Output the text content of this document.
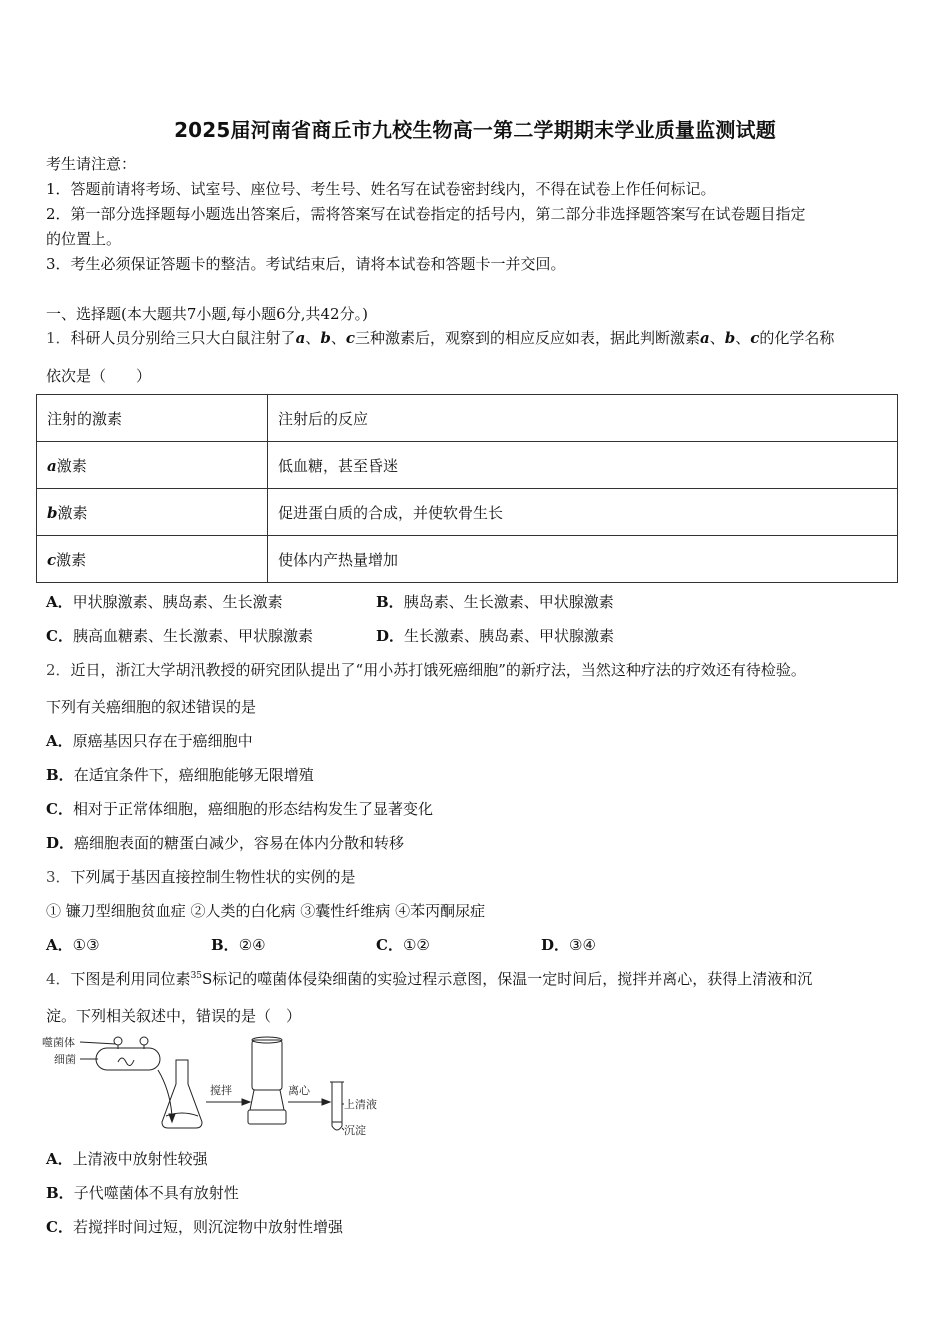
2025届河南省商丘市九校生物高一第二学期期末学业质量监测试题
考生请注意：
1．答题前请将考场、试室号、座位号、考生号、姓名写在试卷密封线内，不得在试卷上作任何标记。
2．第一部分选择题每小题选出答案后，需将答案写在试卷指定的括号内，第二部分非选择题答案写在试卷题目指定
的位置上。
3．考生必须保证答题卡的整洁。考试结束后，请将本试卷和答题卡一并交回。
一、选择题(本大题共7小题,每小题6分,共42分。)
1．科研人员分别给三只大白鼠注射了a、b、c三种激素后，观察到的相应反应如表，据此判断激素a、b、c的化学名称
依次是（　　）
注射的激素	注射后的反应
a激素	低血糖，甚至昏迷
b激素	促进蛋白质的合成，并使软骨生长
c激素	使体内产热量增加
A．甲状腺激素、胰岛素、生长激素	B．胰岛素、生长激素、甲状腺激素
C．胰高血糖素、生长激素、甲状腺激素	D．生长激素、胰岛素、甲状腺激素
2．近日，浙江大学胡汛教授的研究团队提出了“用小苏打饿死癌细胞”的新疗法，当然这种疗法的疗效还有待检验。
下列有关癌细胞的叙述错误的是
A．原癌基因只存在于癌细胞中
B．在适宜条件下，癌细胞能够无限增殖
C．相对于正常体细胞，癌细胞的形态结构发生了显著变化
D．癌细胞表面的糖蛋白减少，容易在体内分散和转移
3．下列属于基因直接控制生物性状的实例的是
① 镰刀型细胞贫血症 ②人类的白化病 ③囊性纤维病 ④苯丙酮尿症
A．①③	B．②④	C．①②	D．③④
4．下图是利用同位素$^{35}$S标记的噬菌体侵染细菌的实验过程示意图，保温一定时间后，搅拌并离心，获得上清液和沉
淀。下列相关叙述中，错误的是（　）
噬菌体
细菌
搅拌	离心
上清液
沉淀
A．上清液中放射性较强
B．子代噬菌体不具有放射性
C．若搅拌时间过短，则沉淀物中放射性增强
